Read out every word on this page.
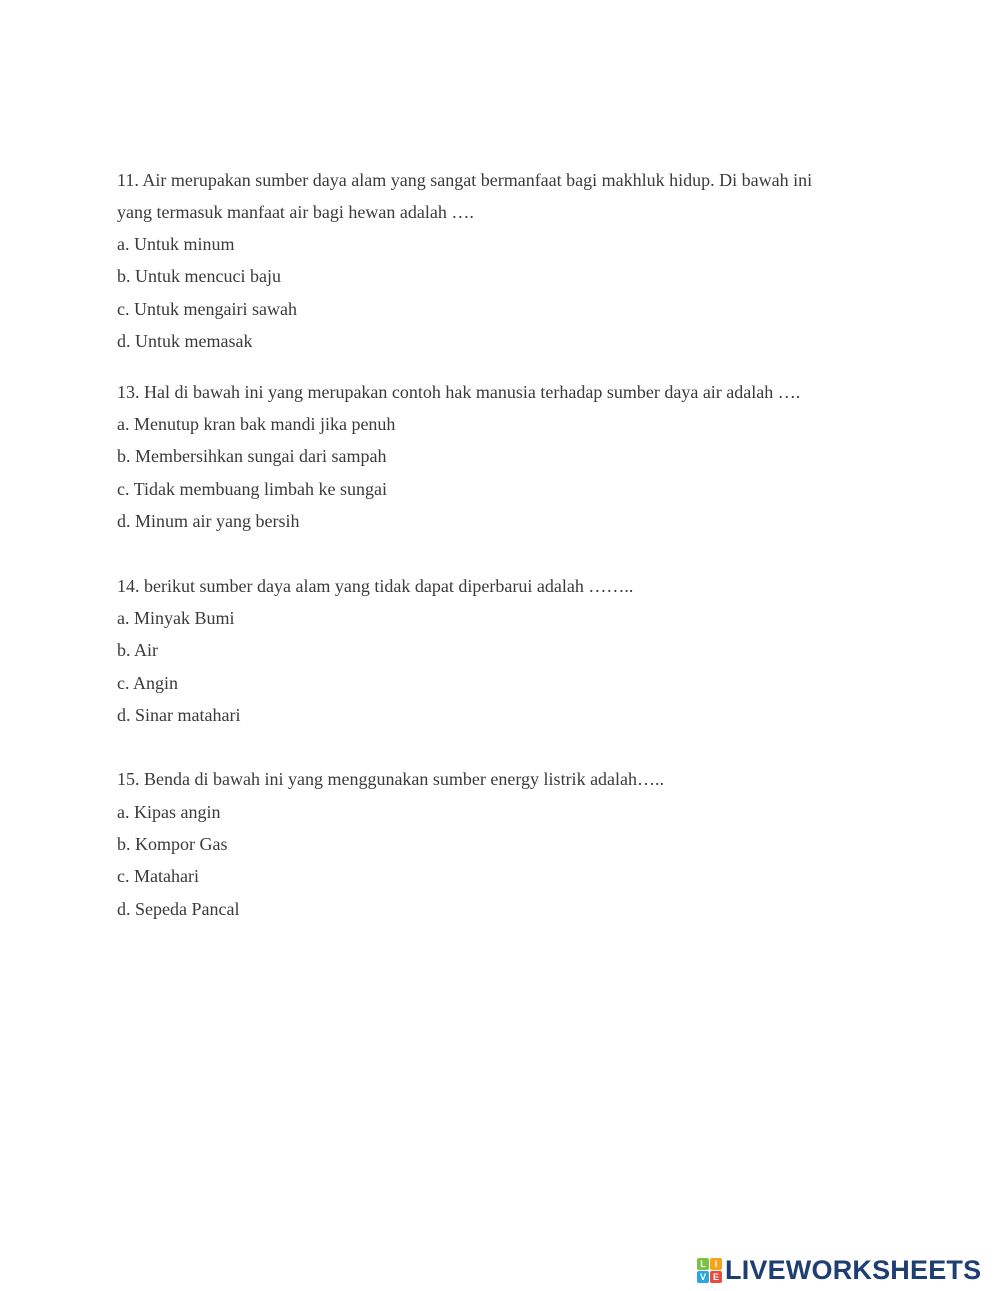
11. Air merupakan sumber daya alam yang sangat bermanfaat bagi makhluk hidup. Di bawah ini
yang termasuk manfaat air bagi hewan adalah ….
a. Untuk minum
b. Untuk mencuci baju
c. Untuk mengairi sawah
d. Untuk memasak
13. Hal di bawah ini yang merupakan contoh hak manusia terhadap sumber daya air adalah ….
a. Menutup kran bak mandi jika penuh
b. Membersihkan sungai dari sampah
c. Tidak membuang limbah ke sungai
d. Minum air yang bersih
14. berikut sumber daya alam yang tidak dapat diperbarui adalah ……..
a. Minyak Bumi
b. Air
c. Angin
d. Sinar matahari
15. Benda di bawah ini yang menggunakan sumber energy listrik adalah…..
a. Kipas angin
b. Kompor Gas
c. Matahari
d. Sepeda Pancal
L I
V E LIVEWORKSHEETS
